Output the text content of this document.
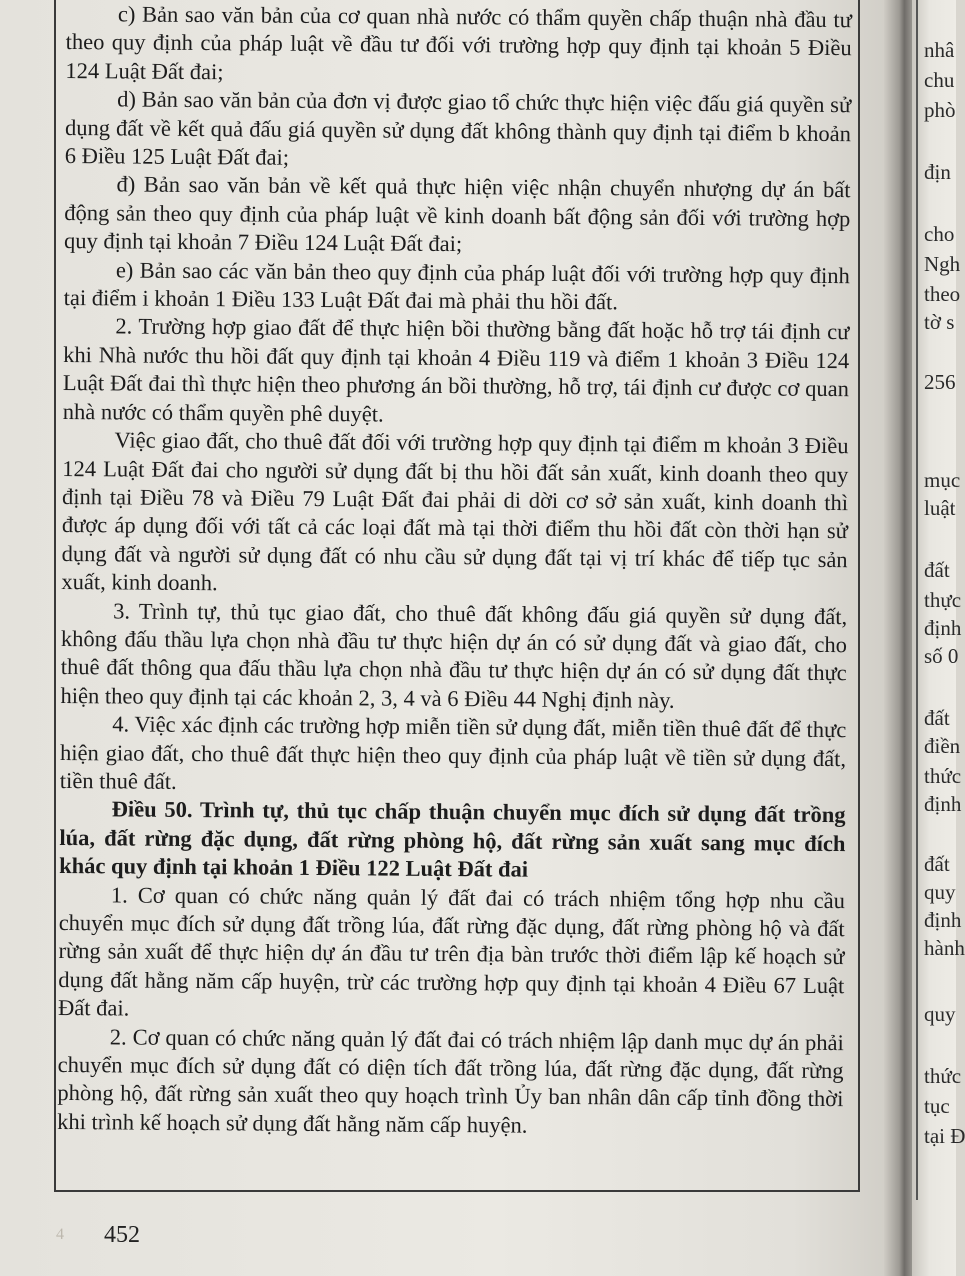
c) Bản sao văn bản của cơ quan nhà nước có thẩm quyền chấp thuận nhà đầu tư theo quy định của pháp luật về đầu tư đối với trường hợp quy định tại khoản 5 Điều 124 Luật Đất đai;

d) Bản sao văn bản của đơn vị được giao tổ chức thực hiện việc đấu giá quyền sử dụng đất về kết quả đấu giá quyền sử dụng đất không thành quy định tại điểm b khoản 6 Điều 125 Luật Đất đai;

đ) Bản sao văn bản về kết quả thực hiện việc nhận chuyển nhượng dự án bất động sản theo quy định của pháp luật về kinh doanh bất động sản đối với trường hợp quy định tại khoản 7 Điều 124 Luật Đất đai;

e) Bản sao các văn bản theo quy định của pháp luật đối với trường hợp quy định tại điểm i khoản 1 Điều 133 Luật Đất đai mà phải thu hồi đất.

2. Trường hợp giao đất để thực hiện bồi thường bằng đất hoặc hỗ trợ tái định cư khi Nhà nước thu hồi đất quy định tại khoản 4 Điều 119 và điểm 1 khoản 3 Điều 124 Luật Đất đai thì thực hiện theo phương án bồi thường, hỗ trợ, tái định cư được cơ quan nhà nước có thẩm quyền phê duyệt.

Việc giao đất, cho thuê đất đối với trường hợp quy định tại điểm m khoản 3 Điều 124 Luật Đất đai cho người sử dụng đất bị thu hồi đất sản xuất, kinh doanh theo quy định tại Điều 78 và Điều 79 Luật Đất đai phải di dời cơ sở sản xuất, kinh doanh thì được áp dụng đối với tất cả các loại đất mà tại thời điểm thu hồi đất còn thời hạn sử dụng đất và người sử dụng đất có nhu cầu sử dụng đất tại vị trí khác để tiếp tục sản xuất, kinh doanh.

3. Trình tự, thủ tục giao đất, cho thuê đất không đấu giá quyền sử dụng đất, không đấu thầu lựa chọn nhà đầu tư thực hiện dự án có sử dụng đất và giao đất, cho thuê đất thông qua đấu thầu lựa chọn nhà đầu tư thực hiện dự án có sử dụng đất thực hiện theo quy định tại các khoản 2, 3, 4 và 6 Điều 44 Nghị định này.

4. Việc xác định các trường hợp miễn tiền sử dụng đất, miễn tiền thuê đất để thực hiện giao đất, cho thuê đất thực hiện theo quy định của pháp luật về tiền sử dụng đất, tiền thuê đất.

Điều 50. Trình tự, thủ tục chấp thuận chuyển mục đích sử dụng đất trồng lúa, đất rừng đặc dụng, đất rừng phòng hộ, đất rừng sản xuất sang mục đích khác quy định tại khoản 1 Điều 122 Luật Đất đai

1. Cơ quan có chức năng quản lý đất đai có trách nhiệm tổng hợp nhu cầu chuyển mục đích sử dụng đất trồng lúa, đất rừng đặc dụng, đất rừng phòng hộ và đất rừng sản xuất để thực hiện dự án đầu tư trên địa bàn trước thời điểm lập kế hoạch sử dụng đất hằng năm cấp huyện, trừ các trường hợp quy định tại khoản 4 Điều 67 Luật Đất đai.

2. Cơ quan có chức năng quản lý đất đai có trách nhiệm lập danh mục dự án phải chuyển mục đích sử dụng đất có diện tích đất trồng lúa, đất rừng đặc dụng, đất rừng phòng hộ, đất rừng sản xuất theo quy hoạch trình Ủy ban nhân dân cấp tỉnh đồng thời khi trình kế hoạch sử dụng đất hằng năm cấp huyện.

4 452
nhâ
chu
phò
địn
cho
Ngh
theo
tờ s
256
mục
luật
đất
thực
định
số 0
đất
điền
thức
định
đất
quy
định
hành
quy
thức
tục
tại Đ
